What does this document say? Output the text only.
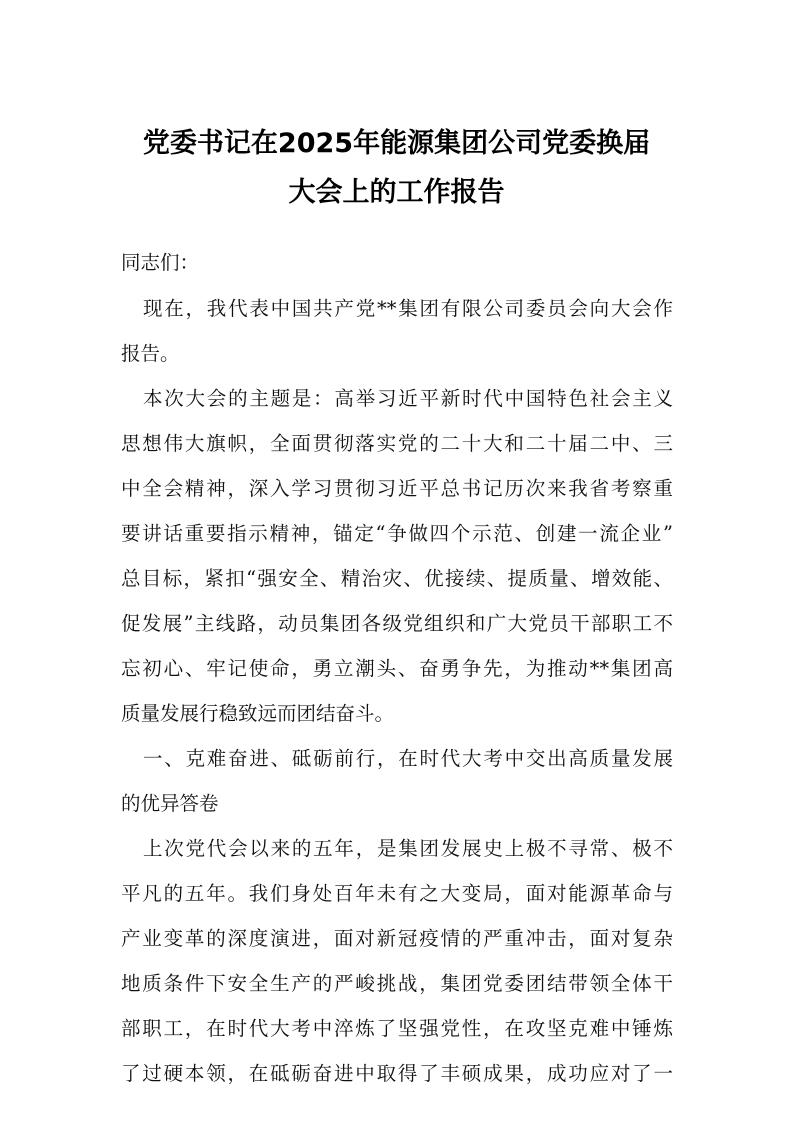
党委书记在2025年能源集团公司党委换届
大会上的工作报告
同志们：
现在，我代表中国共产党**集团有限公司委员会向大会作
报告。
本次大会的主题是：高举习近平新时代中国特色社会主义
思想伟大旗帜，全面贯彻落实党的二十大和二十届二中、三
中全会精神，深入学习贯彻习近平总书记历次来我省考察重
要讲话重要指示精神，锚定“争做四个示范、创建一流企业”
总目标，紧扣“强安全、精治灾、优接续、提质量、增效能、
促发展”主线路，动员集团各级党组织和广大党员干部职工不
忘初心、牢记使命，勇立潮头、奋勇争先，为推动**集团高
质量发展行稳致远而团结奋斗。
一、克难奋进、砥砺前行，在时代大考中交出高质量发展
的优异答卷
上次党代会以来的五年，是集团发展史上极不寻常、极不
平凡的五年。我们身处百年未有之大变局，面对能源革命与
产业变革的深度演进，面对新冠疫情的严重冲击，面对复杂
地质条件下安全生产的严峻挑战，集团党委团结带领全体干
部职工，在时代大考中淬炼了坚强党性，在攻坚克难中锤炼
了过硬本领，在砥砺奋进中取得了丰硕成果，成功应对了一
